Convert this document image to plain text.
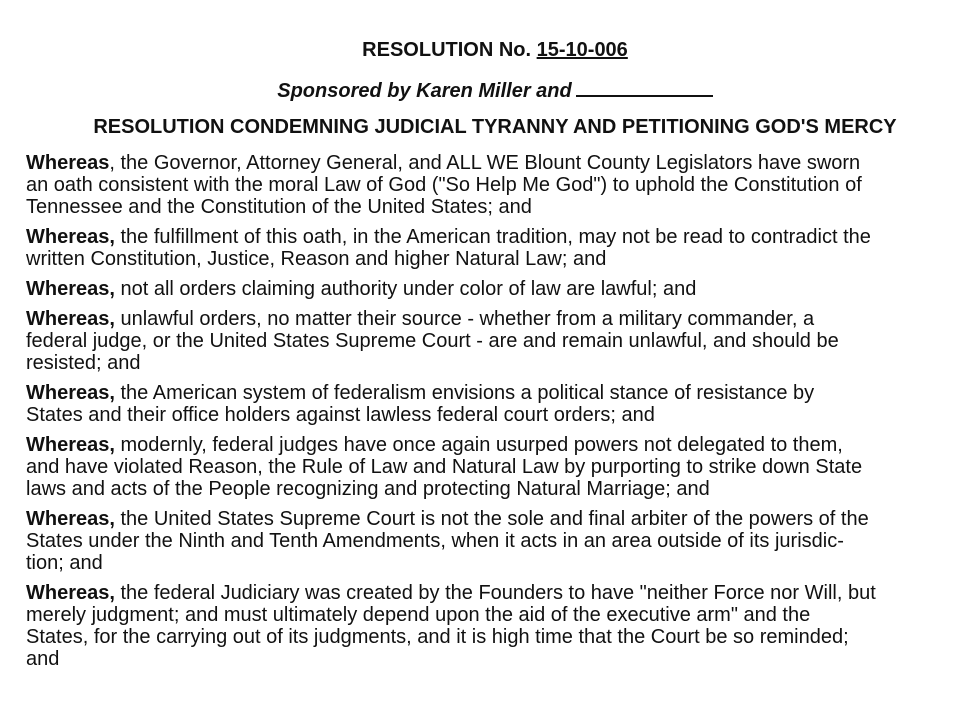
RESOLUTION No. 15-10-006
Sponsored by Karen Miller and
RESOLUTION CONDEMNING JUDICIAL TYRANNY AND PETITIONING GOD'S MERCY
Whereas, the Governor, Attorney General, and ALL WE Blount County Legislators have sworn
an oath consistent with the moral Law of God ("So Help Me God") to uphold the Constitution of
Tennessee and the Constitution of the United States; and
Whereas, the fulfillment of this oath, in the American tradition, may not be read to contradict the
written Constitution, Justice, Reason and higher Natural Law; and
Whereas, not all orders claiming authority under color of law are lawful; and
Whereas, unlawful orders, no matter their source - whether from a military commander, a
federal judge, or the United States Supreme Court - are and remain unlawful, and should be
resisted; and
Whereas, the American system of federalism envisions a political stance of resistance by
States and their office holders against lawless federal court orders; and
Whereas, modernly, federal judges have once again usurped powers not delegated to them,
and have violated Reason, the Rule of Law and Natural Law by purporting to strike down State
laws and acts of the People recognizing and protecting Natural Marriage; and
Whereas, the United States Supreme Court is not the sole and final arbiter of the powers of the
States under the Ninth and Tenth Amendments, when it acts in an area outside of its jurisdic-
tion; and
Whereas, the federal Judiciary was created by the Founders to have "neither Force nor Will, but
merely judgment; and must ultimately depend upon the aid of the executive arm" and the
States, for the carrying out of its judgments, and it is high time that the Court be so reminded;
and
